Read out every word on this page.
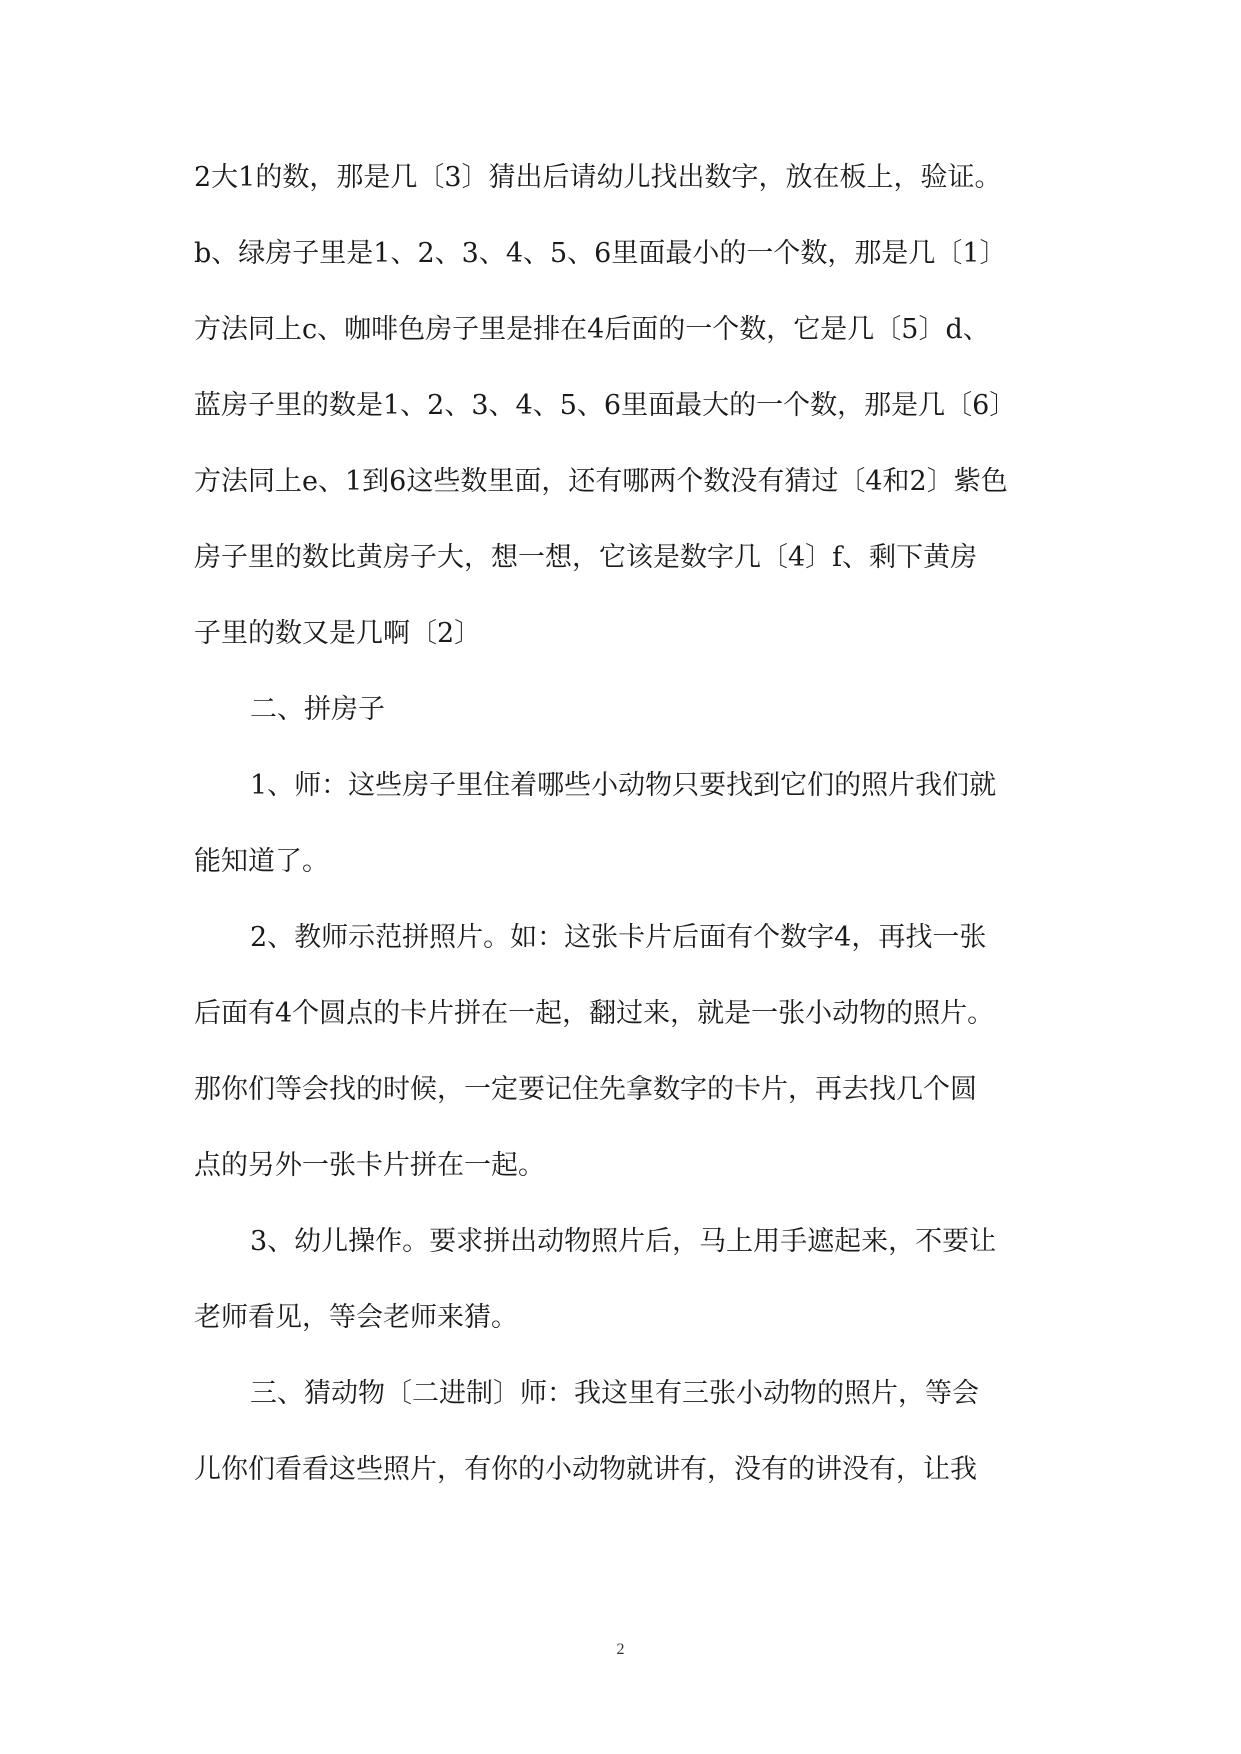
2大1的数，那是几〔3〕猜出后请幼儿找出数字，放在板上，验证。
b、绿房子里是1、2、3、4、5、6里面最小的一个数，那是几〔1〕
方法同上c、咖啡色房子里是排在4后面的一个数，它是几〔5〕d、
蓝房子里的数是1、2、3、4、5、6里面最大的一个数，那是几〔6〕
方法同上e、1到6这些数里面，还有哪两个数没有猜过〔4和2〕紫色
房子里的数比黄房子大，想一想，它该是数字几〔4〕f、剩下黄房
子里的数又是几啊〔2〕
二、拼房子
1、师：这些房子里住着哪些小动物只要找到它们的照片我们就
能知道了。
2、教师示范拼照片。如：这张卡片后面有个数字4，再找一张
后面有4个圆点的卡片拼在一起，翻过来，就是一张小动物的照片。
那你们等会找的时候，一定要记住先拿数字的卡片，再去找几个圆
点的另外一张卡片拼在一起。
3、幼儿操作。要求拼出动物照片后，马上用手遮起来，不要让
老师看见，等会老师来猜。
三、猜动物〔二进制〕师：我这里有三张小动物的照片，等会
儿你们看看这些照片，有你的小动物就讲有，没有的讲没有，让我
2
